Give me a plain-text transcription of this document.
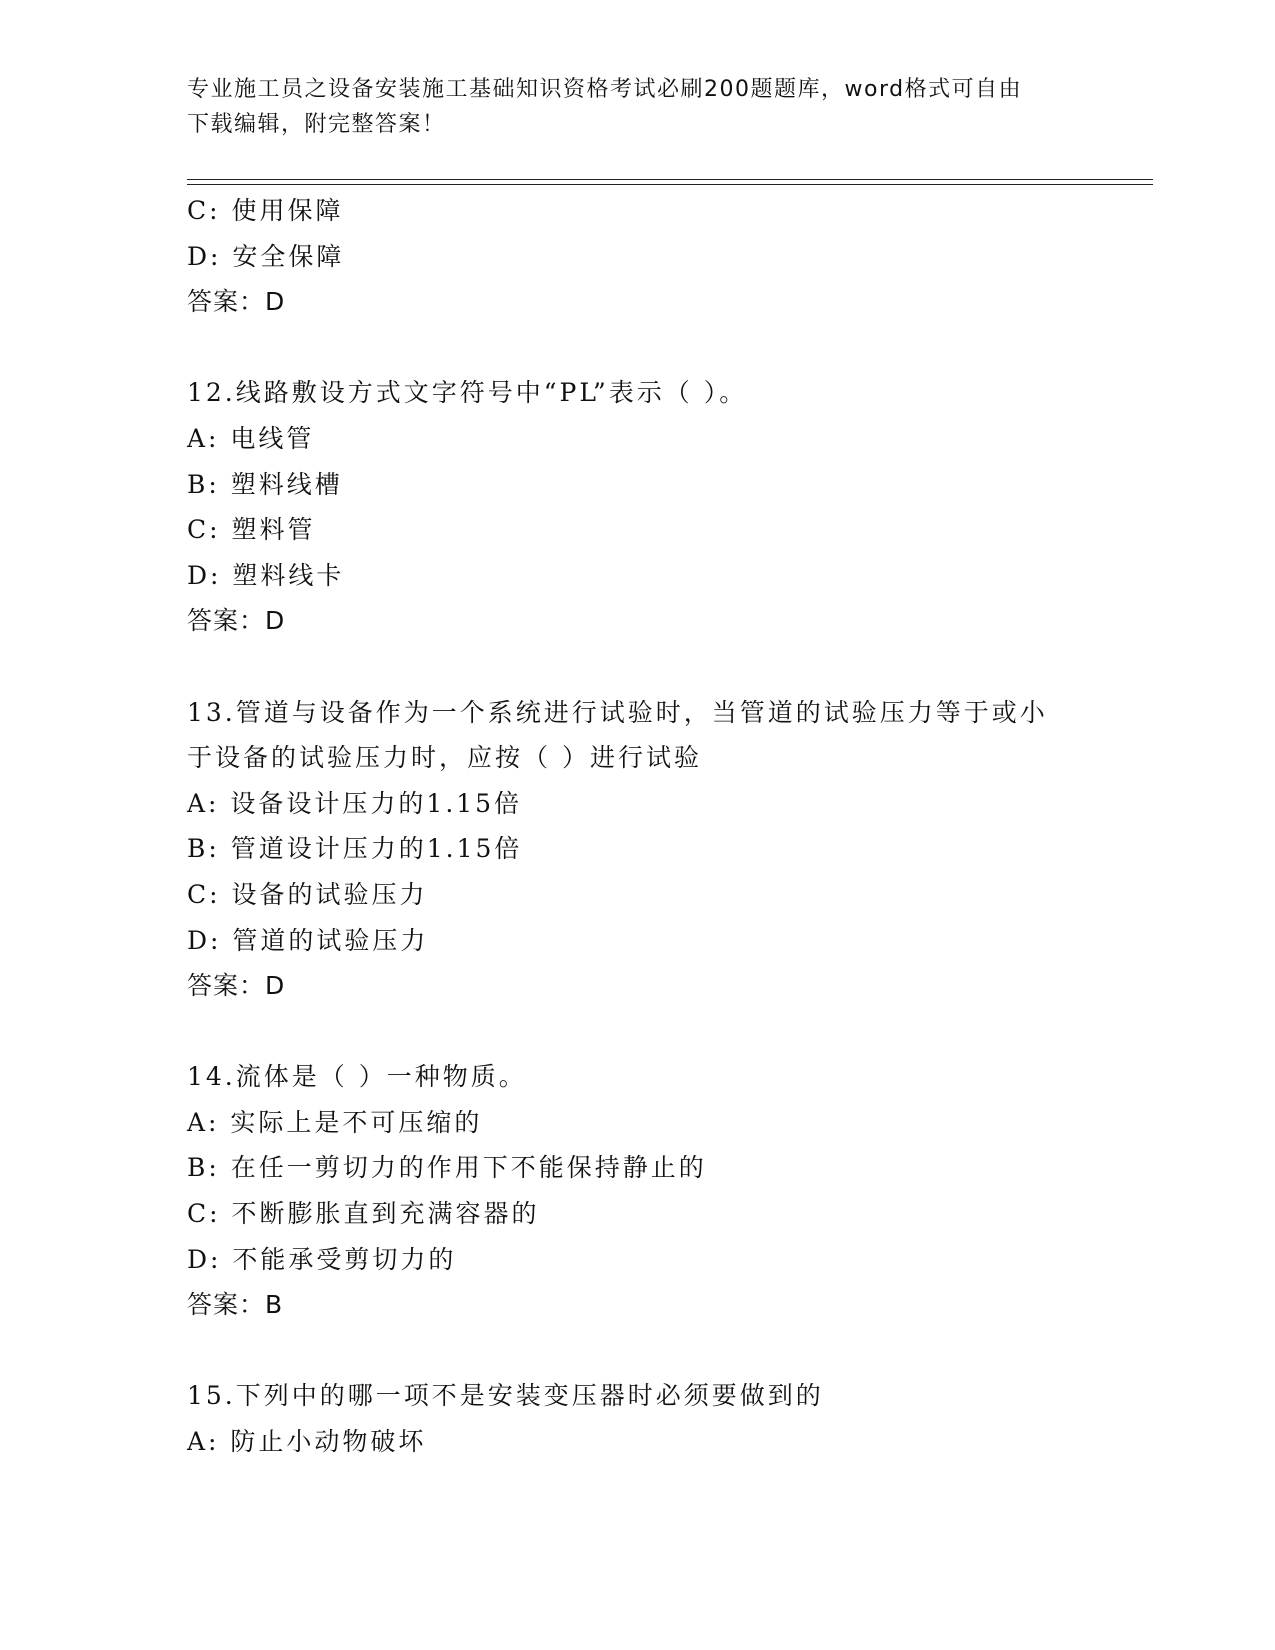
专业施工员之设备安装施工基础知识资格考试必刷200题题库，word格式可自由
下载编辑，附完整答案！
C: 使用保障
D: 安全保障
答案：D
12.线路敷设方式文字符号中“PL”表示（ ）。
A: 电线管
B: 塑料线槽
C: 塑料管
D: 塑料线卡
答案：D
13.管道与设备作为一个系统进行试验时，当管道的试验压力等于或小
于设备的试验压力时，应按（ ）进行试验
A: 设备设计压力的1.15倍
B: 管道设计压力的1.15倍
C: 设备的试验压力
D: 管道的试验压力
答案：D
14.流体是（ ）一种物质。
A: 实际上是不可压缩的
B: 在任一剪切力的作用下不能保持静止的
C: 不断膨胀直到充满容器的
D: 不能承受剪切力的
答案：B
15.下列中的哪一项不是安装变压器时必须要做到的
A: 防止小动物破坏
